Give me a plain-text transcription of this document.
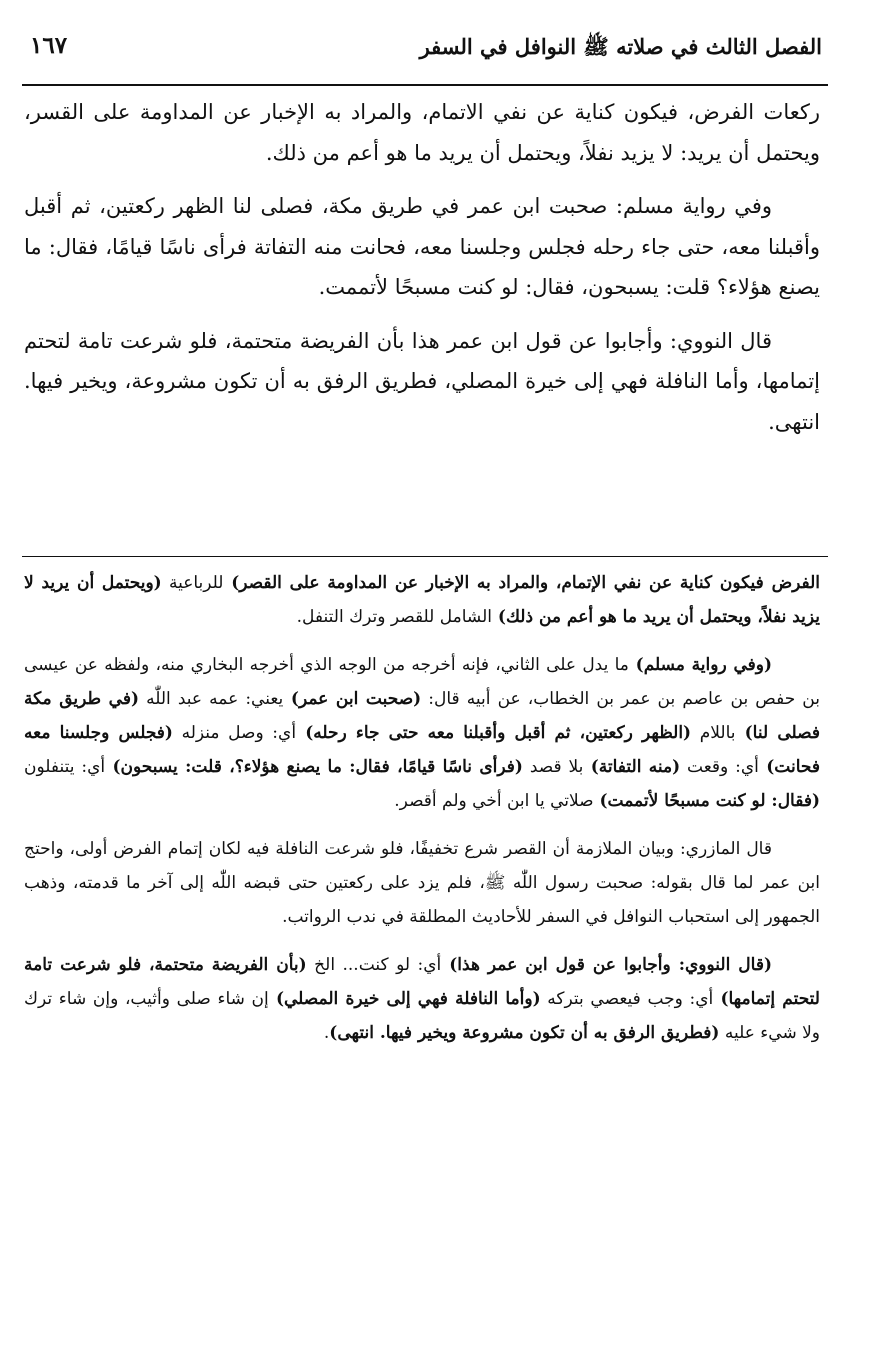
الفصل الثالث في صلاته ﷺ النوافل في السفر
١٦٧

ركعات الفرض، فيكون كناية عن نفي الاتمام، والمراد به الإخبار عن المداومة على القسر، ويحتمل أن يريد: لا يزيد نفلاً، ويحتمل أن يريد ما هو أعم من ذلك.

وفي رواية مسلم: صحبت ابن عمر في طريق مكة، فصلى لنا الظهر ركعتين، ثم أقبل وأقبلنا معه، حتى جاء رحله فجلس وجلسنا معه، فحانت منه التفاتة فرأى ناسًا قيامًا، فقال: ما يصنع هؤلاء؟ قلت: يسبحون، فقال: لو كنت مسبحًا لأتممت.

قال النووي: وأجابوا عن قول ابن عمر هذا بأن الفريضة متحتمة، فلو شرعت تامة لتحتم إتمامها، وأما النافلة فهي إلى خيرة المصلي، فطريق الرفق به أن تكون مشروعة، ويخير فيها. انتهى.

الفرض فيكون كناية عن نفي الإتمام، والمراد به الإخبار عن المداومة على القصر) للرباعية (ويحتمل أن يريد لا يزيد نفلاً، ويحتمل أن يريد ما هو أعم من ذلك) الشامل للقصر وترك التنفل.

(وفي رواية مسلم) ما يدل على الثاني، فإنه أخرجه من الوجه الذي أخرجه البخاري منه، ولفظه عن عيسى بن حفص بن عاصم بن عمر بن الخطاب، عن أبيه قال: (صحبت ابن عمر) يعني: عمه عبد اللّٰه (في طريق مكة فصلى لنا) باللام (الظهر ركعتين، ثم أقبل وأقبلنا معه حتى جاء رحله) أي: وصل منزله (فجلس وجلسنا معه فحانت) أي: وقعت (منه التفاتة) بلا قصد (فرأى ناسًا قيامًا، فقال: ما يصنع هؤلاء؟، قلت: يسبحون) أي: يتنفلون (فقال: لو كنت مسبحًا لأتممت) صلاتي يا ابن أخي ولم أقصر.

قال المازري: وبيان الملازمة أن القصر شرع تخفيفًا، فلو شرعت النافلة فيه لكان إتمام الفرض أولى، واحتج ابن عمر لما قال بقوله: صحبت رسول اللّٰه ﷺ، فلم يزد على ركعتين حتى قبضه اللّٰه إلى آخر ما قدمته، وذهب الجمهور إلى استحباب النوافل في السفر للأحاديث المطلقة في ندب الرواتب.

(قال النووي: وأجابوا عن قول ابن عمر هذا) أي: لو كنت... الخ (بأن الفريضة متحتمة، فلو شرعت تامة لتحتم إتمامها) أي: وجب فيعصي بتركه (وأما النافلة فهي إلى خيرة المصلي) إن شاء صلى وأثيب، وإن شاء ترك ولا شيء عليه (فطريق الرفق به أن تكون مشروعة ويخير فيها. انتهى).
